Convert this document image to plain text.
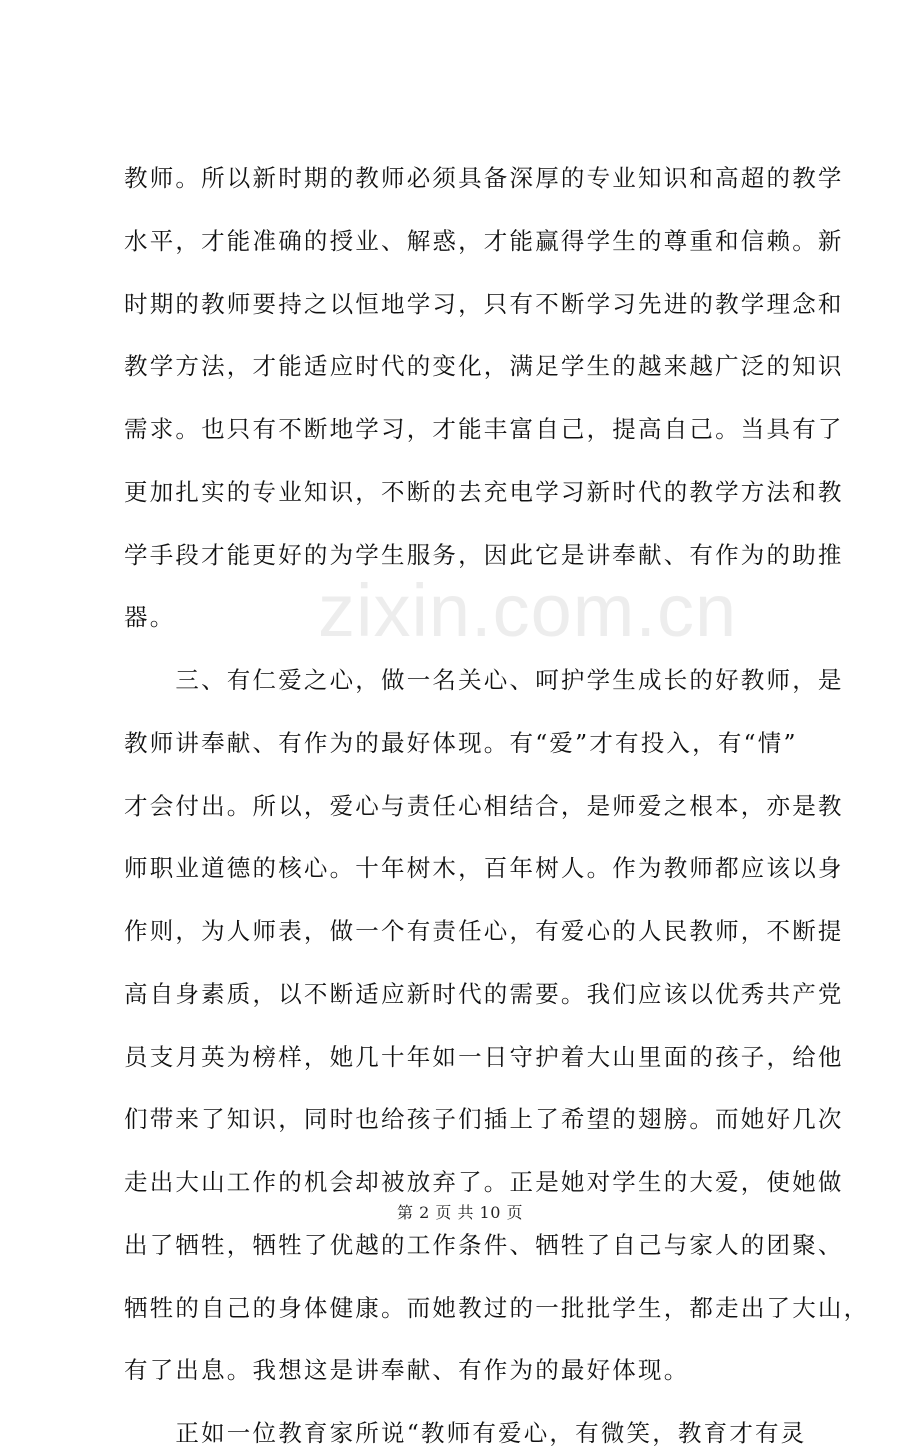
zixin.com.cn
教师。所以新时期的教师必须具备深厚的专业知识和高超的教学
水平，才能准确的授业、解惑，才能赢得学生的尊重和信赖。新
时期的教师要持之以恒地学习，只有不断学习先进的教学理念和
教学方法，才能适应时代的变化，满足学生的越来越广泛的知识
需求。也只有不断地学习，才能丰富自己，提高自己。当具有了
更加扎实的专业知识，不断的去充电学习新时代的教学方法和教
学手段才能更好的为学生服务，因此它是讲奉献、有作为的助推
器。
　　三、有仁爱之心，做一名关心、呵护学生成长的好教师，是
教师讲奉献、有作为的最好体现。有“爱”才有投入，有“情”
才会付出。所以，爱心与责任心相结合，是师爱之根本，亦是教
师职业道德的核心。十年树木，百年树人。作为教师都应该以身
作则，为人师表，做一个有责任心，有爱心的人民教师，不断提
高自身素质，以不断适应新时代的需要。我们应该以优秀共产党
员支月英为榜样，她几十年如一日守护着大山里面的孩子，给他
们带来了知识，同时也给孩子们插上了希望的翅膀。而她好几次
走出大山工作的机会却被放弃了。正是她对学生的大爱，使她做
出了牺牲，牺牲了优越的工作条件、牺牲了自己与家人的团聚、
牺牲的自己的身体健康。而她教过的一批批学生，都走出了大山，
有了出息。我想这是讲奉献、有作为的最好体现。
　　正如一位教育家所说“教师有爱心，有微笑，教育才有灵
第 2 页 共 10 页
